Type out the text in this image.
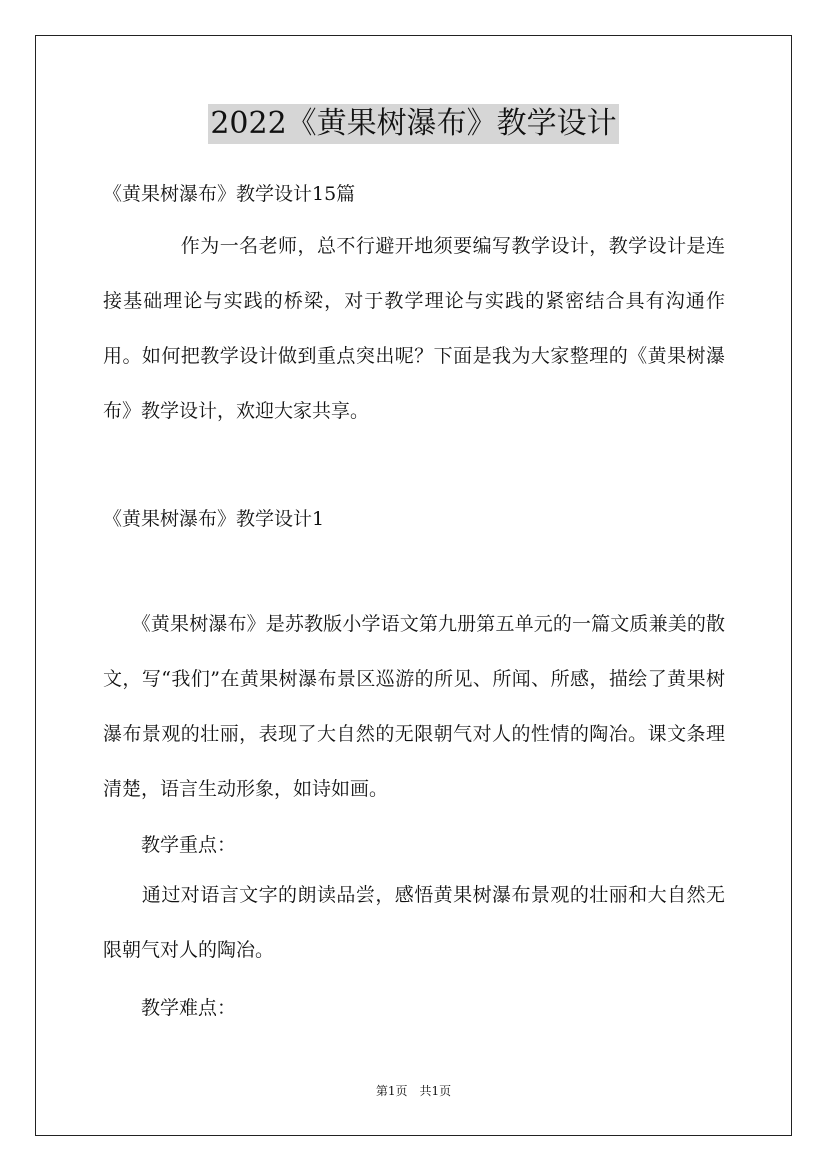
2022《黄果树瀑布》教学设计
《黄果树瀑布》教学设计15篇
　　　　作为一名老师，总不行避开地须要编写教学设计，教学设计是连接基础理论与实践的桥梁，对于教学理论与实践的紧密结合具有沟通作用。如何把教学设计做到重点突出呢？下面是我为大家整理的《黄果树瀑布》教学设计，欢迎大家共享。
《黄果树瀑布》教学设计1
　　《黄果树瀑布》是苏教版小学语文第九册第五单元的一篇文质兼美的散文，写“我们”在黄果树瀑布景区巡游的所见、所闻、所感，描绘了黄果树瀑布景观的壮丽，表现了大自然的无限朝气对人的性情的陶冶。课文条理清楚，语言生动形象，如诗如画。
　　教学重点：
　　通过对语言文字的朗读品尝，感悟黄果树瀑布景观的壮丽和大自然无限朝气对人的陶冶。
　　教学难点：
第1页　共1页
